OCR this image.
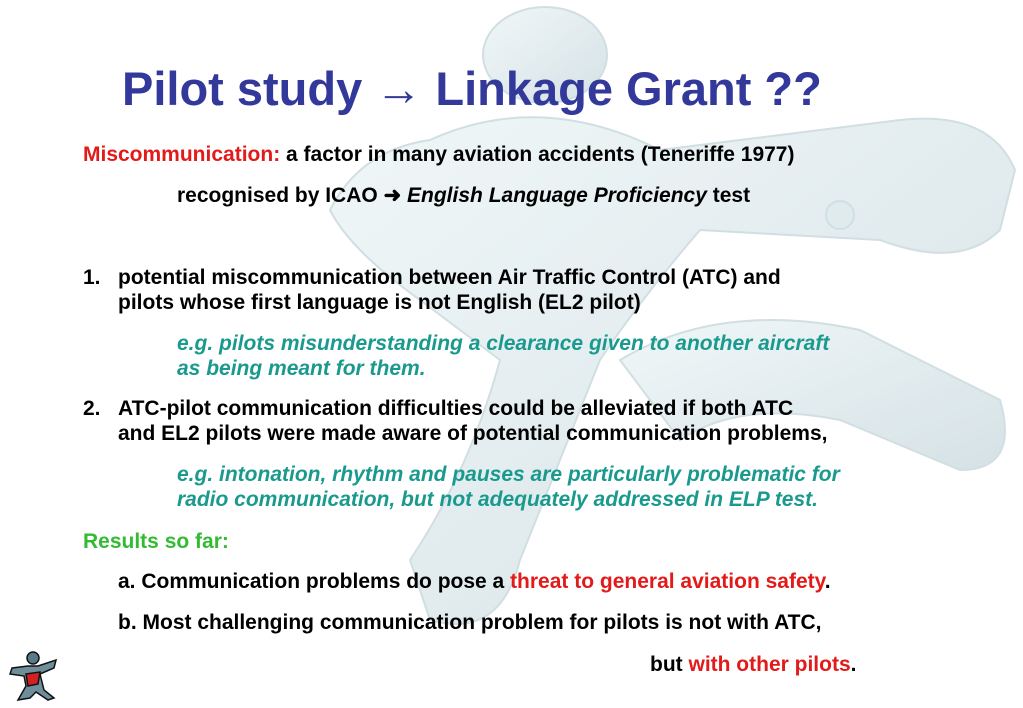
Pilot study → Linkage Grant ??
Miscommunication: a factor in many aviation accidents (Teneriffe 1977)
recognised by ICAO ➜ English Language Proficiency test
1. potential miscommunication between Air Traffic Control (ATC) and
pilots whose first language is not English (EL2 pilot)
e.g. pilots misunderstanding a clearance given to another aircraft
as being meant for them.
2. ATC-pilot communication difficulties could be alleviated if both ATC
and EL2 pilots were made aware of potential communication problems,
e.g. intonation, rhythm and pauses are particularly problematic for
radio communication, but not adequately addressed in ELP test.
Results so far:
a. Communication problems do pose a threat to general aviation safety.
b. Most challenging communication problem for pilots is not with ATC,
but with other pilots.
